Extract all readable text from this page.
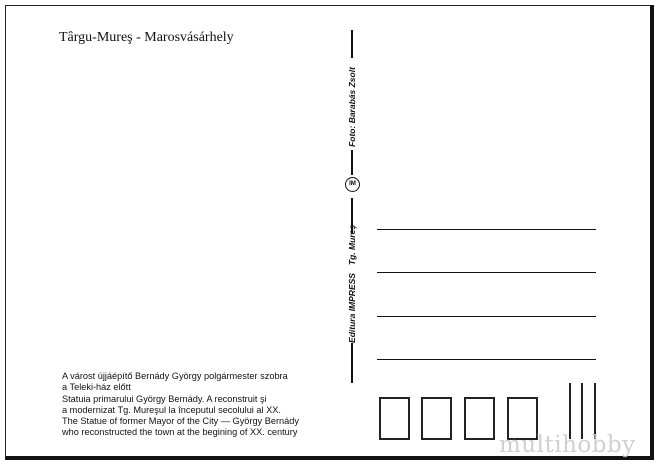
Târgu-Mureş - Marosvásárhely
Foto: Barabás Zsolt
IM
Tg. Mureş
Editura IMPRESS
A várost újjáépítő Bernády György polgármester szobra
a Teleki-ház előtt
Statuia primarului György Bernády. A reconstruit şi
a modernizat Tg. Mureşul la începutul secolului al XX.
The Statue of former Mayor of the City — György Bernády
who reconstructed the town at the begining of XX. century	multihobby
